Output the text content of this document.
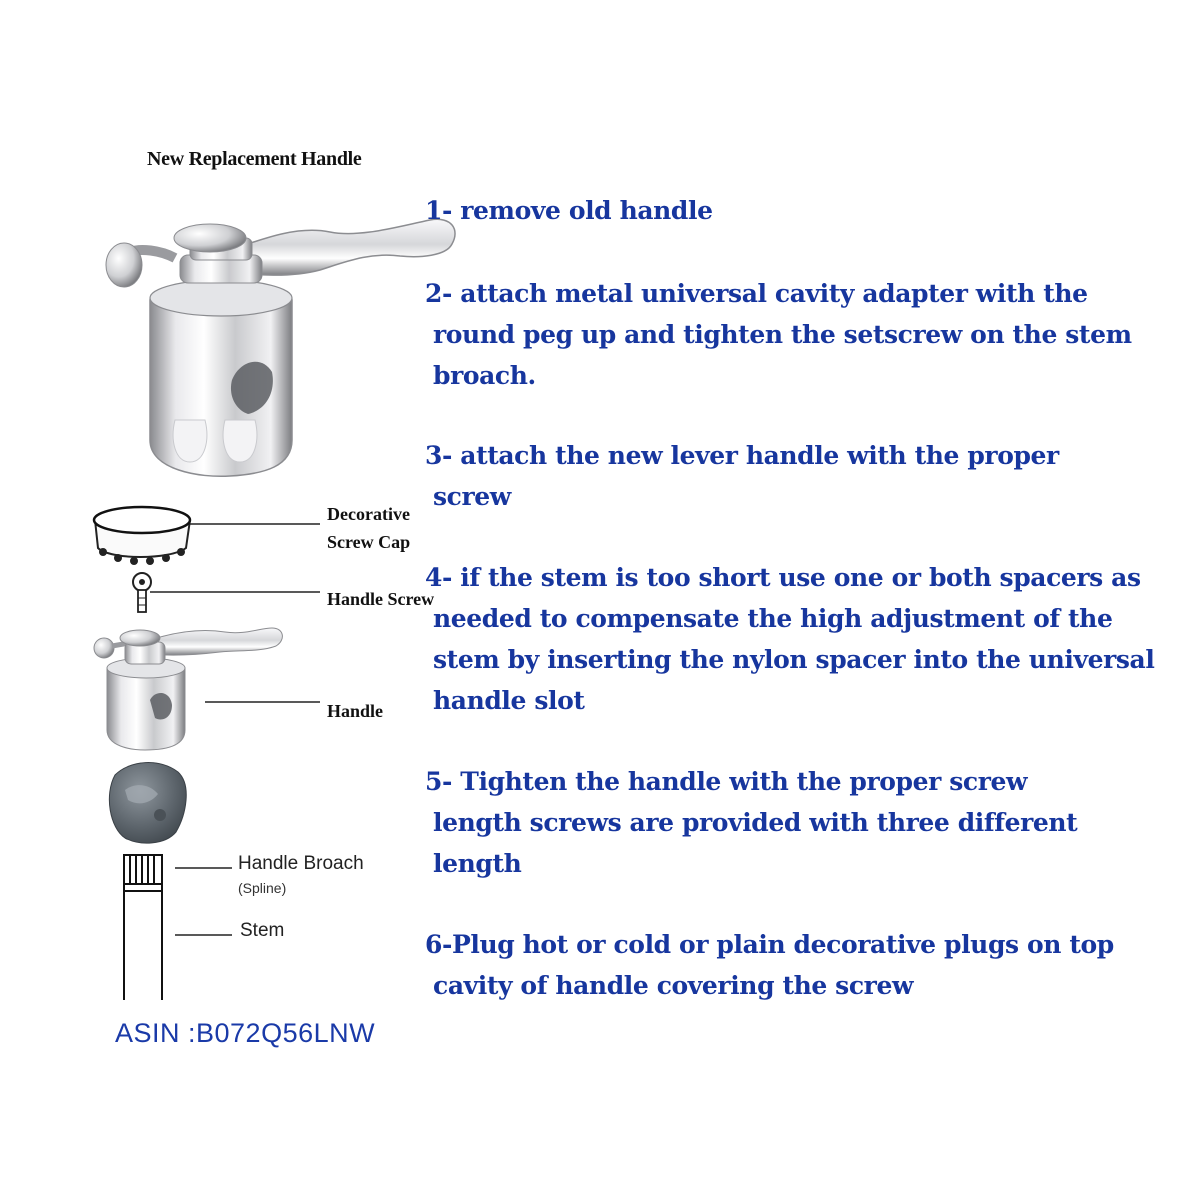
New Replacement Handle
Decorative
Screw Cap
Handle Screw
Handle
Handle Broach
(Spline)
Stem
ASIN :B072Q56LNW
1- remove old handle
2- attach metal universal cavity adapter with the
round peg up and tighten the setscrew on the stem
broach.
3- attach the new lever handle with the proper
screw
4- if the stem is too short use one or both spacers as
needed to compensate the high adjustment of the
stem by inserting the nylon spacer into the universal
handle slot
5- Tighten the handle with the proper screw
length screws are provided with three different
length
6-Plug hot or cold or plain decorative plugs on top
cavity of handle covering the screw
